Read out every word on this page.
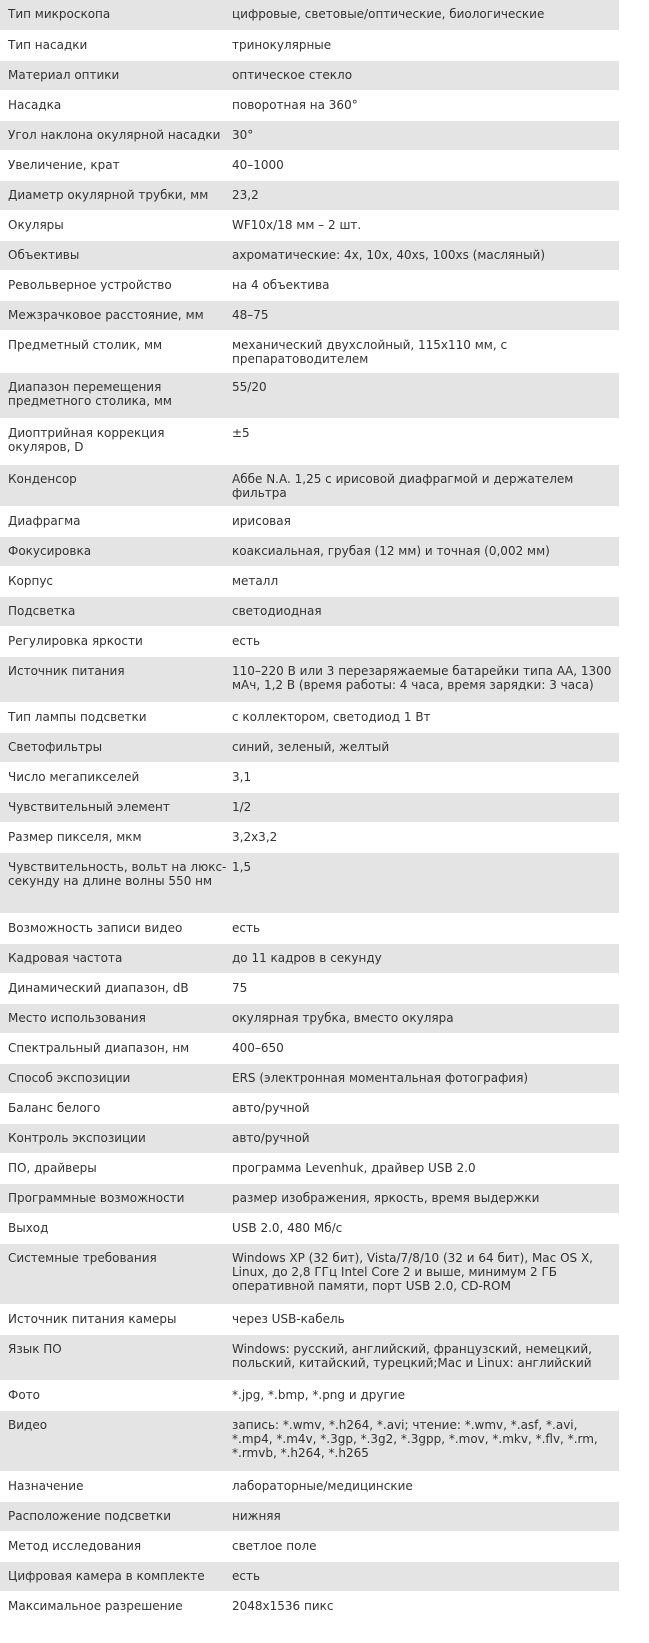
Тип микроскопа	цифровые, световые/оптические, биологические
Тип насадки	тринокулярные
Материал оптики	оптическое стекло
Насадка	поворотная на 360°
Угол наклона окулярной насадки	30°
Увеличение, крат	40–1000
Диаметр окулярной трубки, мм	23,2
Окуляры	WF10x/18 мм – 2 шт.
Объективы	ахроматические: 4x, 10x, 40xs, 100xs (масляный)
Револьверное устройство	на 4 объектива
Межзрачковое расстояние, мм	48–75
Предметный столик, мм	механический двухслойный, 115x110 мм, с препаратоводителем
Диапазон перемещения предметного столика, мм	55/20
Диоптрийная коррекция окуляров, D	±5
Конденсор	Аббе N.A. 1,25 с ирисовой диафрагмой и держателем фильтра
Диафрагма	ирисовая
Фокусировка	коаксиальная, грубая (12 мм) и точная (0,002 мм)
Корпус	металл
Подсветка	светодиодная
Регулировка яркости	есть
Источник питания	110–220 В или 3 перезаряжаемые батарейки типа АА, 1300 мАч, 1,2 В (время работы: 4 часа, время зарядки: 3 часа)
Тип лампы подсветки	с коллектором, светодиод 1 Вт
Светофильтры	синий, зеленый, желтый
Число мегапикселей	3,1
Чувствительный элемент	1/2
Размер пикселя, мкм	3,2x3,2
Чувствительность, вольт на люкс-секунду на длине волны 550 нм	1,5
Возможность записи видео	есть
Кадровая частота	до 11 кадров в секунду
Динамический диапазон, dB	75
Место использования	окулярная трубка, вместо окуляра
Спектральный диапазон, нм	400–650
Способ экспозиции	ERS (электронная моментальная фотография)
Баланс белого	авто/ручной
Контроль экспозиции	авто/ручной
ПО, драйверы	программа Levenhuk, драйвер USB 2.0
Программные возможности	размер изображения, яркость, время выдержки
Выход	USB 2.0, 480 Мб/с
Системные требования	Windows XP (32 бит), Vista/7/8/10 (32 и 64 бит), Mac OS X, Linux, до 2,8 ГГц Intel Core 2 и выше, минимум 2 ГБ оперативной памяти, порт USB 2.0, CD-ROM
Источник питания камеры	через USB-кабель
Язык ПО	Windows: русский, английский, французский, немецкий, польский, китайский, турецкий;Mac и Linux: английский
Фото	*.jpg, *.bmp, *.png и другие
Видео	запись: *.wmv, *.h264, *.avi; чтение: *.wmv, *.asf, *.avi, *.mp4, *.m4v, *.3gp, *.3g2, *.3gpp, *.mov, *.mkv, *.flv, *.rm, *.rmvb, *.h264, *.h265
Назначение	лабораторные/медицинские
Расположение подсветки	нижняя
Метод исследования	светлое поле
Цифровая камера в комплекте	есть
Максимальное разрешение	2048x1536 пикс
